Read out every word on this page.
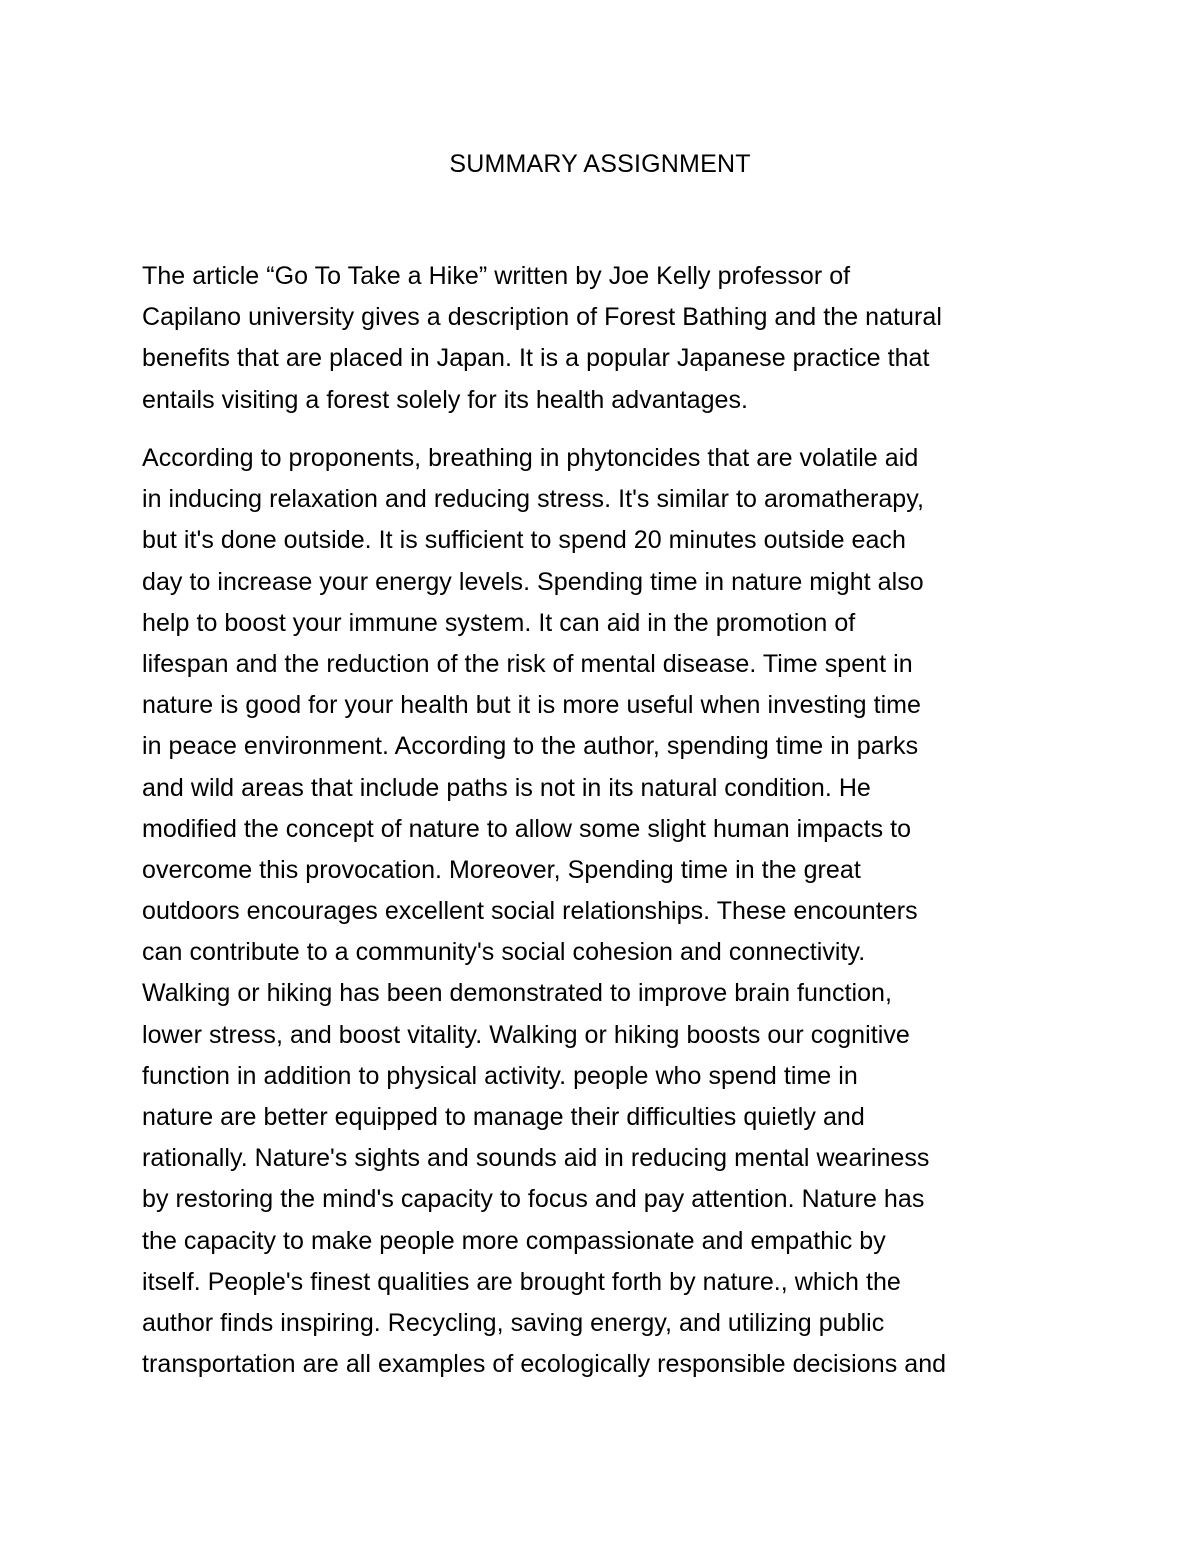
SUMMARY ASSIGNMENT
The article “Go To Take a Hike” written by Joe Kelly professor of
Capilano university gives a description of Forest Bathing and the natural
benefits that are placed in Japan. It is a popular Japanese practice that
entails visiting a forest solely for its health advantages.
According to proponents, breathing in phytoncides that are volatile aid
in inducing relaxation and reducing stress. It's similar to aromatherapy,
but it's done outside. It is sufficient to spend 20 minutes outside each
day to increase your energy levels. Spending time in nature might also
help to boost your immune system. It can aid in the promotion of
lifespan and the reduction of the risk of mental disease. Time spent in
nature is good for your health but it is more useful when investing time
in peace environment. According to the author, spending time in parks
and wild areas that include paths is not in its natural condition. He
modified the concept of nature to allow some slight human impacts to
overcome this provocation. Moreover, Spending time in the great
outdoors encourages excellent social relationships. These encounters
can contribute to a community's social cohesion and connectivity.
Walking or hiking has been demonstrated to improve brain function,
lower stress, and boost vitality. Walking or hiking boosts our cognitive
function in addition to physical activity. people who spend time in
nature are better equipped to manage their difficulties quietly and
rationally. Nature's sights and sounds aid in reducing mental weariness
by restoring the mind's capacity to focus and pay attention. Nature has
the capacity to make people more compassionate and empathic by
itself. People's finest qualities are brought forth by nature., which the
author finds inspiring. Recycling, saving energy, and utilizing public
transportation are all examples of ecologically responsible decisions and
